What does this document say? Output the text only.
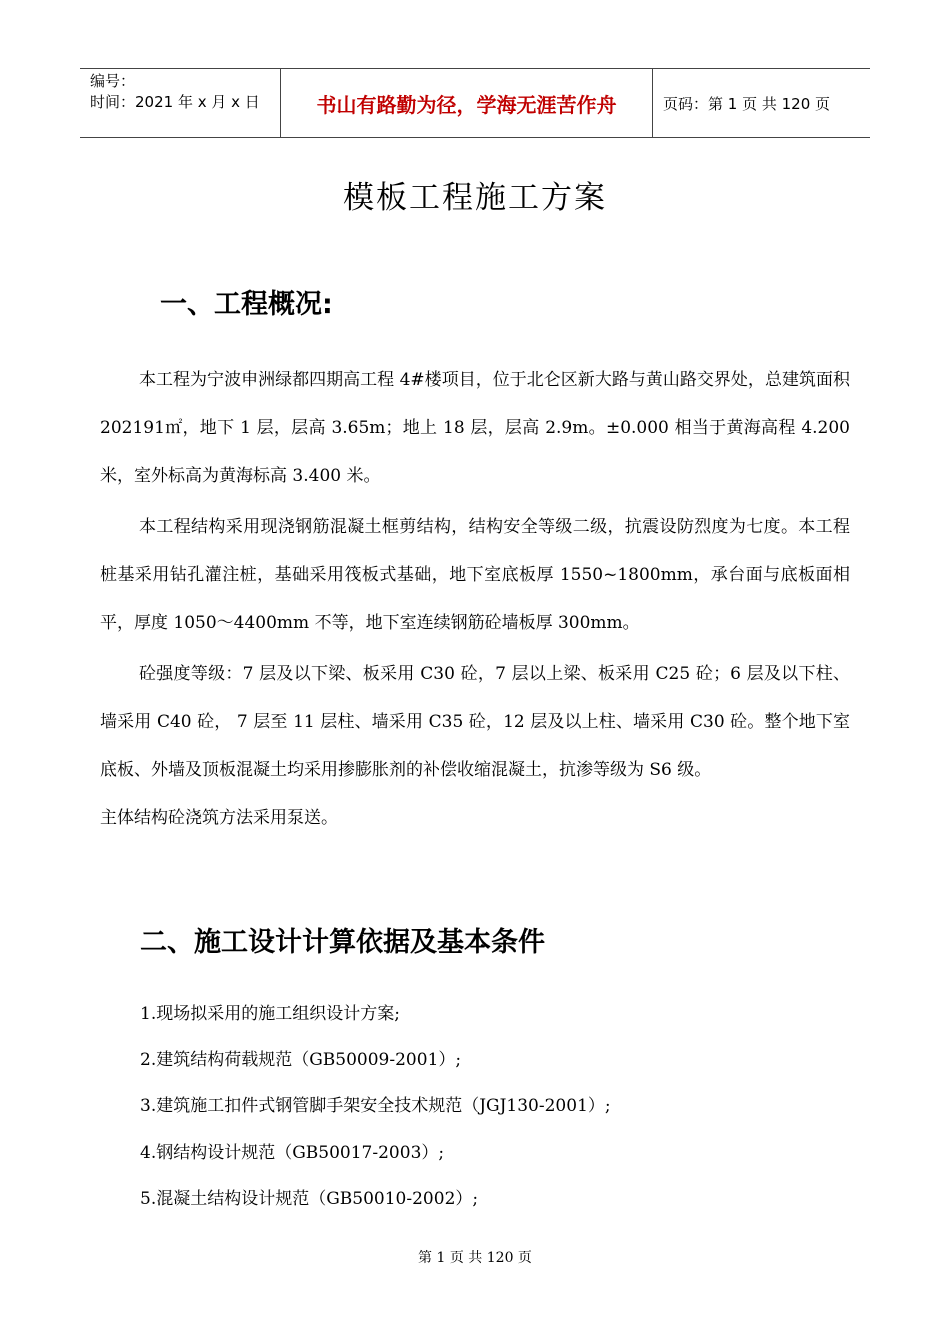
编号：
时间：2021 年 x 月 x 日	书山有路勤为径，学海无涯苦作舟	页码：第 1 页 共 120 页
模板工程施工方案
一、工程概况:

本工程为宁波申洲绿都四期高工程 4#楼项目，位于北仑区新大路与黄山路交界处，总建筑面积 202191㎡，地下 1 层，层高 3.65m；地上 18 层，层高 2.9m。±0.000 相当于黄海高程 4.200 米，室外标高为黄海标高 3.400 米。

本工程结构采用现浇钢筋混凝土框剪结构，结构安全等级二级，抗震设防烈度为七度。本工程桩基采用钻孔灌注桩，基础采用筏板式基础，地下室底板厚 1550~1800mm，承台面与底板面相平，厚度 1050～4400mm 不等，地下室连续钢筋砼墙板厚 300mm。

砼强度等级：7 层及以下梁、板采用 C30 砼，7 层以上梁、板采用 C25 砼；6 层及以下柱、墙采用 C40 砼， 7 层至 11 层柱、墙采用 C35 砼，12 层及以上柱、墙采用 C30 砼。整个地下室底板、外墙及顶板混凝土均采用掺膨胀剂的补偿收缩混凝土，抗渗等级为 S6 级。

主体结构砼浇筑方法采用泵送。

二、施工设计计算依据及基本条件
1.现场拟采用的施工组织设计方案;
2.建筑结构荷载规范（GB50009-2001）;
3.建筑施工扣件式钢管脚手架安全技术规范（JGJ130-2001）;
4.钢结构设计规范（GB50017-2003）;
5.混凝土结构设计规范（GB50010-2002）;
第 1 页 共 120 页
